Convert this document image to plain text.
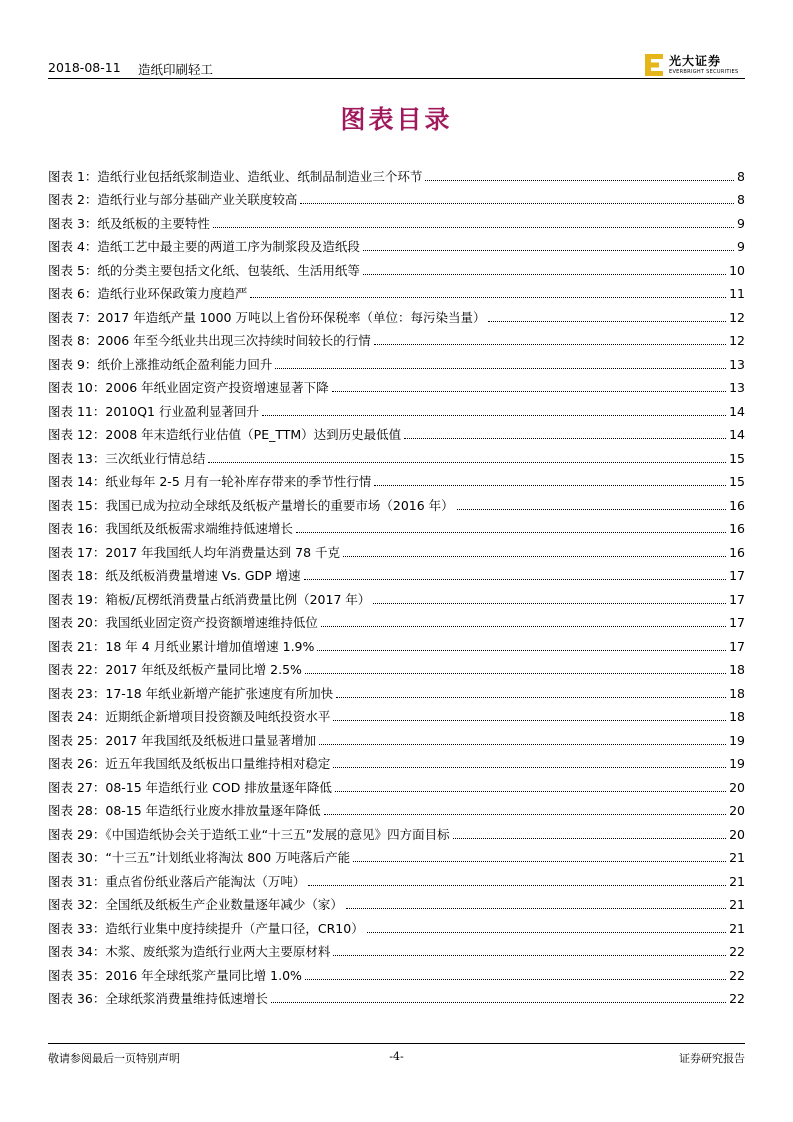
2018-08-11 造纸印刷轻工
光大证券
EVERBRIGHT SECURITIES
图表目录
图表 1：造纸行业包括纸浆制造业、造纸业、纸制品制造业三个环节	8
图表 2：造纸行业与部分基础产业关联度较高	8
图表 3：纸及纸板的主要特性	9
图表 4：造纸工艺中最主要的两道工序为制浆段及造纸段	9
图表 5：纸的分类主要包括文化纸、包装纸、生活用纸等	10
图表 6：造纸行业环保政策力度趋严	11
图表 7：2017 年造纸产量 1000 万吨以上省份环保税率（单位：每污染当量）	12
图表 8：2006 年至今纸业共出现三次持续时间较长的行情	12
图表 9：纸价上涨推动纸企盈利能力回升	13
图表 10：2006 年纸业固定资产投资增速显著下降	13
图表 11：2010Q1 行业盈利显著回升	14
图表 12：2008 年末造纸行业估值（PE_TTM）达到历史最低值	14
图表 13：三次纸业行情总结	15
图表 14：纸业每年 2-5 月有一轮补库存带来的季节性行情	15
图表 15：我国已成为拉动全球纸及纸板产量增长的重要市场（2016 年）	16
图表 16：我国纸及纸板需求端维持低速增长	16
图表 17：2017 年我国纸人均年消费量达到 78 千克	16
图表 18：纸及纸板消费量增速 Vs. GDP 增速	17
图表 19：箱板/瓦楞纸消费量占纸消费量比例（2017 年）	17
图表 20：我国纸业固定资产投资额增速维持低位	17
图表 21：18 年 4 月纸业累计增加值增速 1.9%	17
图表 22：2017 年纸及纸板产量同比增 2.5%	18
图表 23：17-18 年纸业新增产能扩张速度有所加快	18
图表 24：近期纸企新增项目投资额及吨纸投资水平	18
图表 25：2017 年我国纸及纸板进口量显著增加	19
图表 26：近五年我国纸及纸板出口量维持相对稳定	19
图表 27：08-15 年造纸行业 COD 排放量逐年降低	20
图表 28：08-15 年造纸行业废水排放量逐年降低	20
图表 29：《中国造纸协会关于造纸工业“十三五”发展的意见》四方面目标	20
图表 30：“十三五”计划纸业将淘汰 800 万吨落后产能	21
图表 31：重点省份纸业落后产能淘汰（万吨）	21
图表 32：全国纸及纸板生产企业数量逐年减少（家）	21
图表 33：造纸行业集中度持续提升（产量口径，CR10）	21
图表 34：木浆、废纸浆为造纸行业两大主要原材料	22
图表 35：2016 年全球纸浆产量同比增 1.0%	22
图表 36：全球纸浆消费量维持低速增长	22
敬请参阅最后一页特别声明	-4-	证券研究报告
